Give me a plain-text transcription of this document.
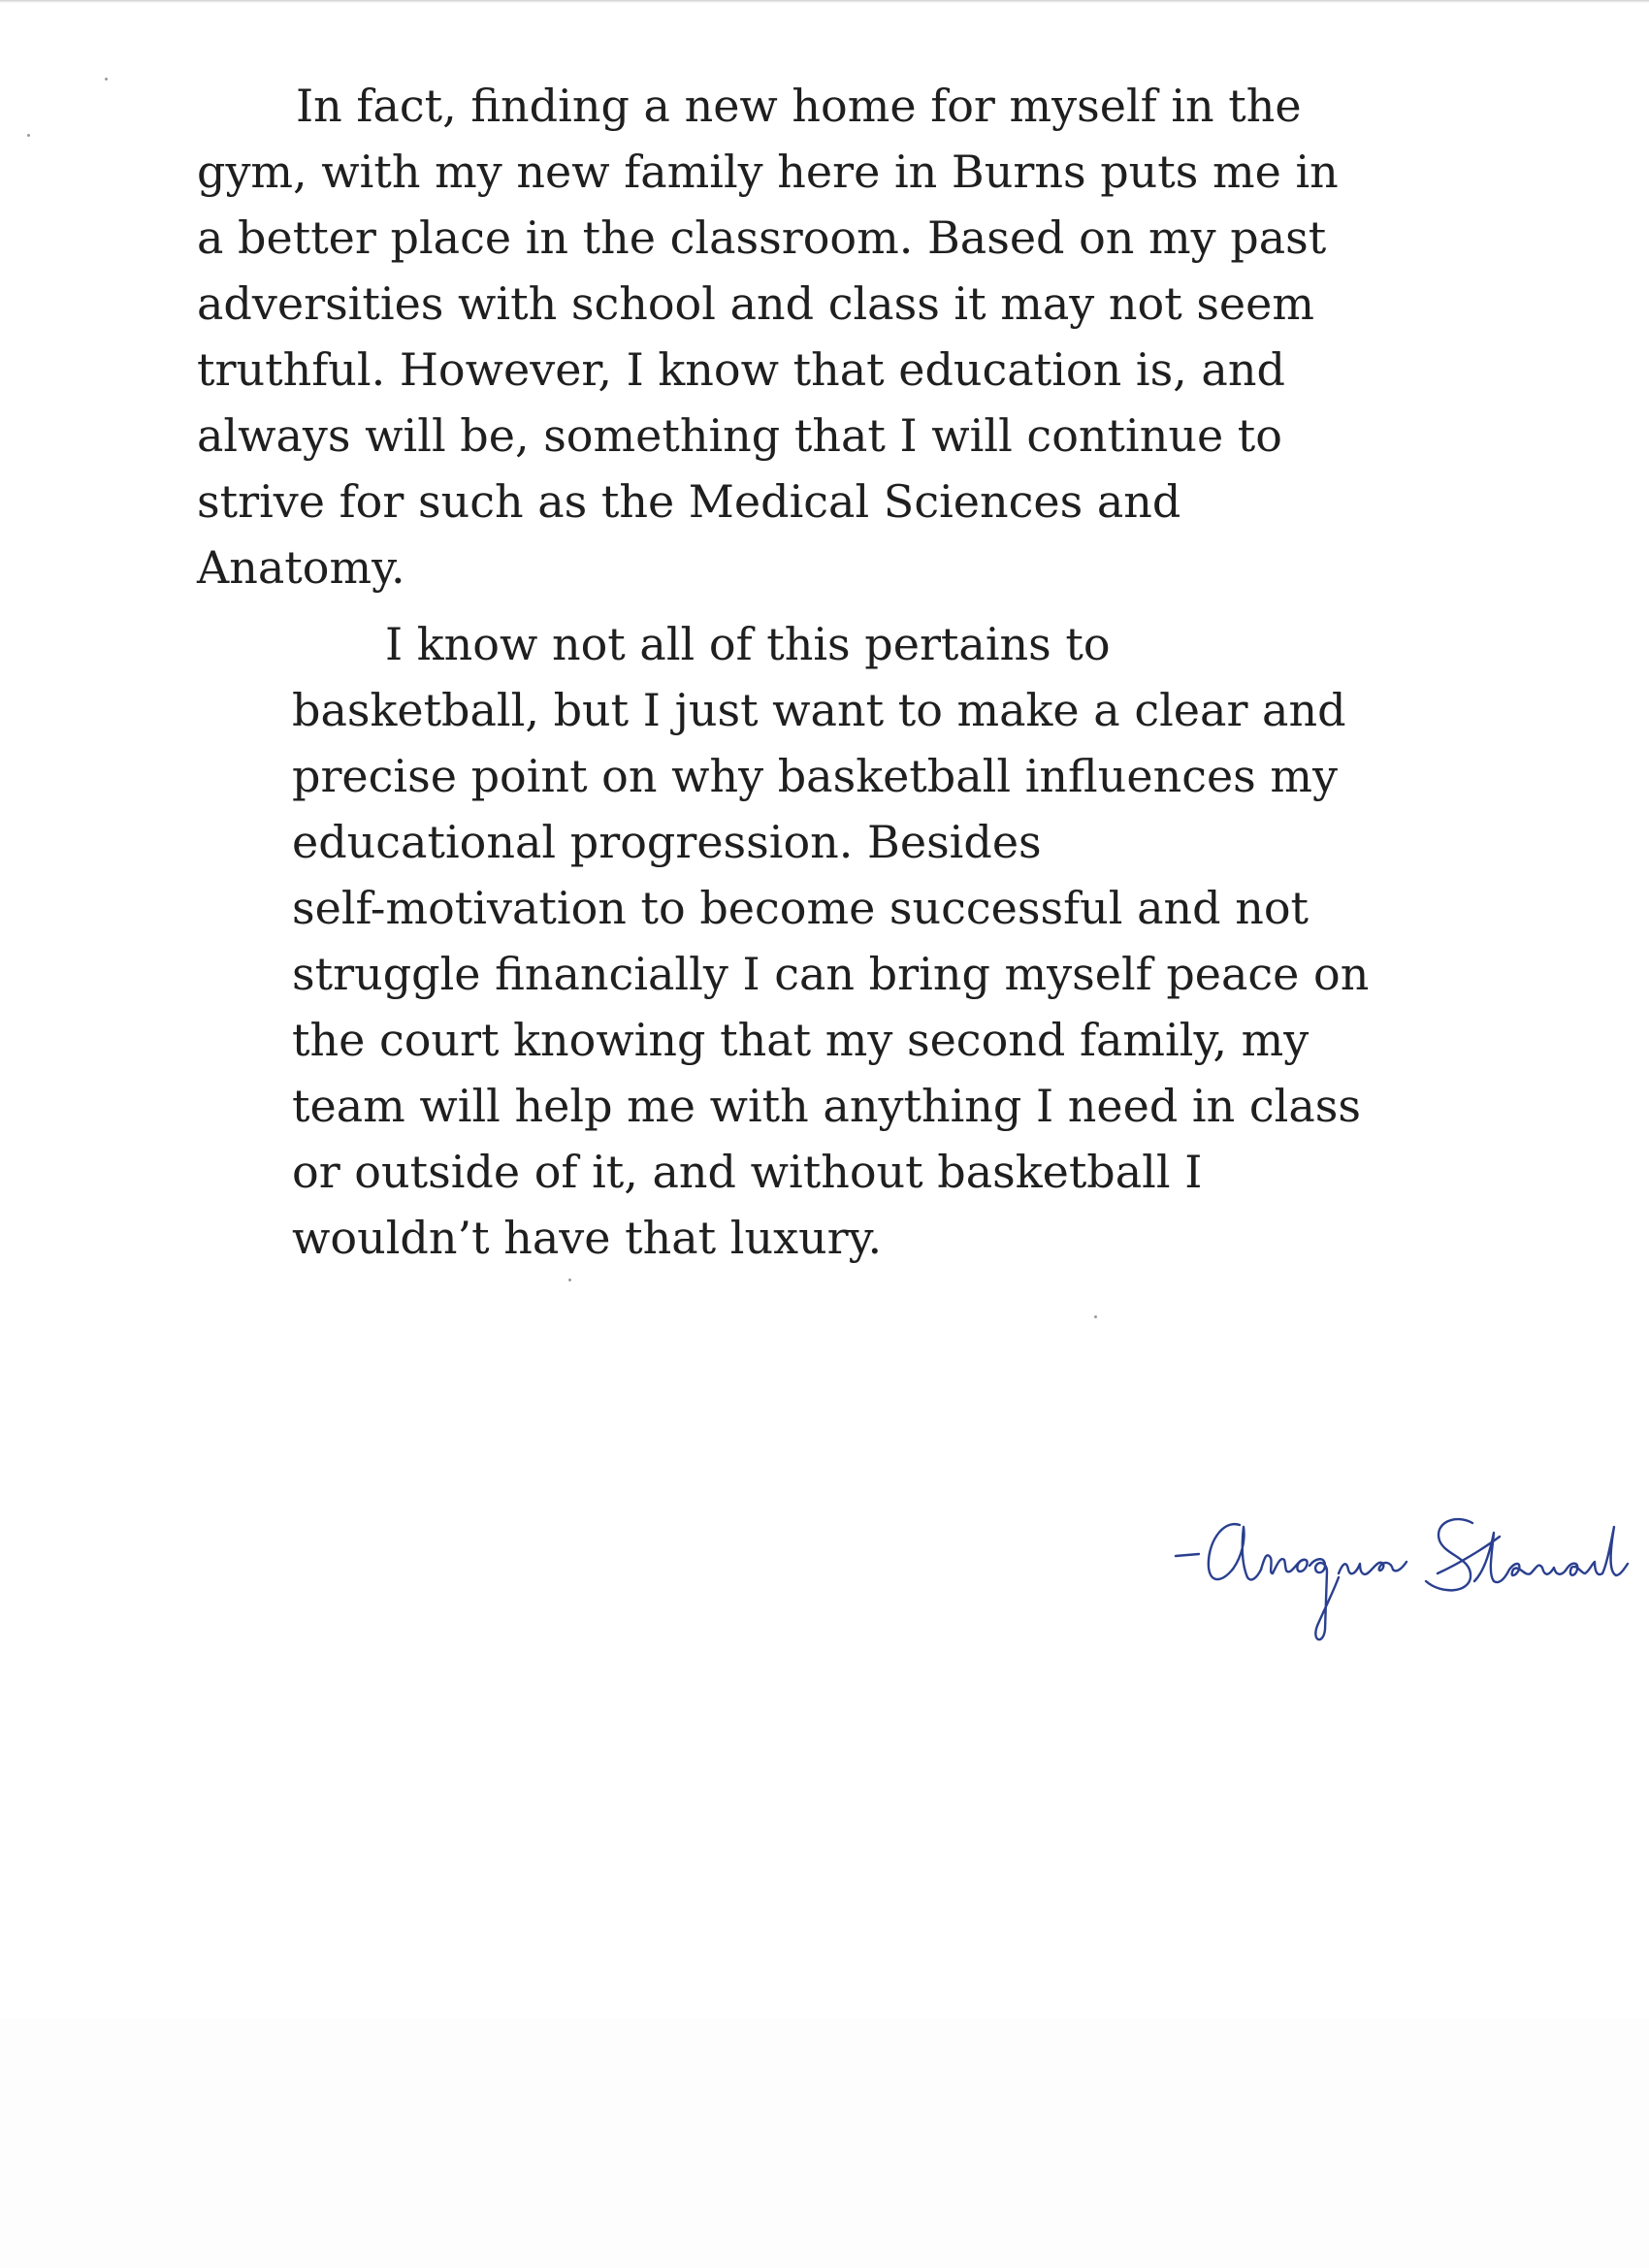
In fact, finding a new home for myself in the
gym, with my new family here in Burns puts me in
a better place in the classroom. Based on my past
adversities with school and class it may not seem
truthful. However, I know that education is, and
always will be, something that I will continue to
strive for such as the Medical Sciences and
Anatomy.

I know not all of this pertains to
basketball, but I just want to make a clear and
precise point on why basketball influences my
educational progression. Besides
self-motivation to become successful and not
struggle financially I can bring myself peace on
the court knowing that my second family, my
team will help me with anything I need in class
or outside of it, and without basketball I
wouldn’t have that luxury.
